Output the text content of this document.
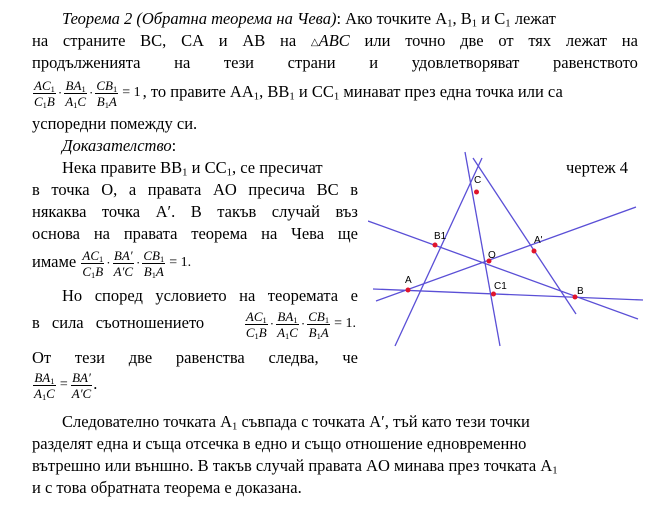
Теорема 2 (Обратна теорема на Чева): Ако точките $A_1$, $B_1$ и $C_1$ лежат
на страните BC, CA и AB на △ABC или точно две от тях лежат на
продълженията на тези страни и удовлетворяват равенството
$\frac{AC_1}{C_1B} \cdot \frac{BA_1}{A_1C} \cdot \frac{CB_1}{B_1A} = 1$ , то правите $AA_1$, $BB_1$ и $CC_1$ минават през една точка или са
успоредни помежду си.
Доказателство:
Нека правите $BB_1$ и $CC_1$, се пресичат
в точка O, а правата AO пресича BC в
някаква точка A′. В такъв случай въз
основа на правата теорема на Чева ще
имаме $\frac{AC_1}{C_1B} \cdot \frac{BA'}{A'C} \cdot \frac{CB_1}{B_1A} = 1$.
Но според условието на теоремата е
в сила съотношението	$\frac{AC_1}{C_1B} \cdot \frac{BA_1}{A_1C} \cdot \frac{CB_1}{B_1A} = 1$.
От тези две равенства следва, че
$\frac{BA_1}{A_1C} = \frac{BA'}{A'C}$ .
чертеж 4
C
B1	A'
O
A
C1	B
Следователно точката $A_1$ съвпада с точката A′, тъй като тези точки
разделят една и съща отсечка в едно и също отношение едновременно
вътрешно или външно. В такъв случай правата AO минава през точката $A_1$
и с това обратната теорема е доказана.
